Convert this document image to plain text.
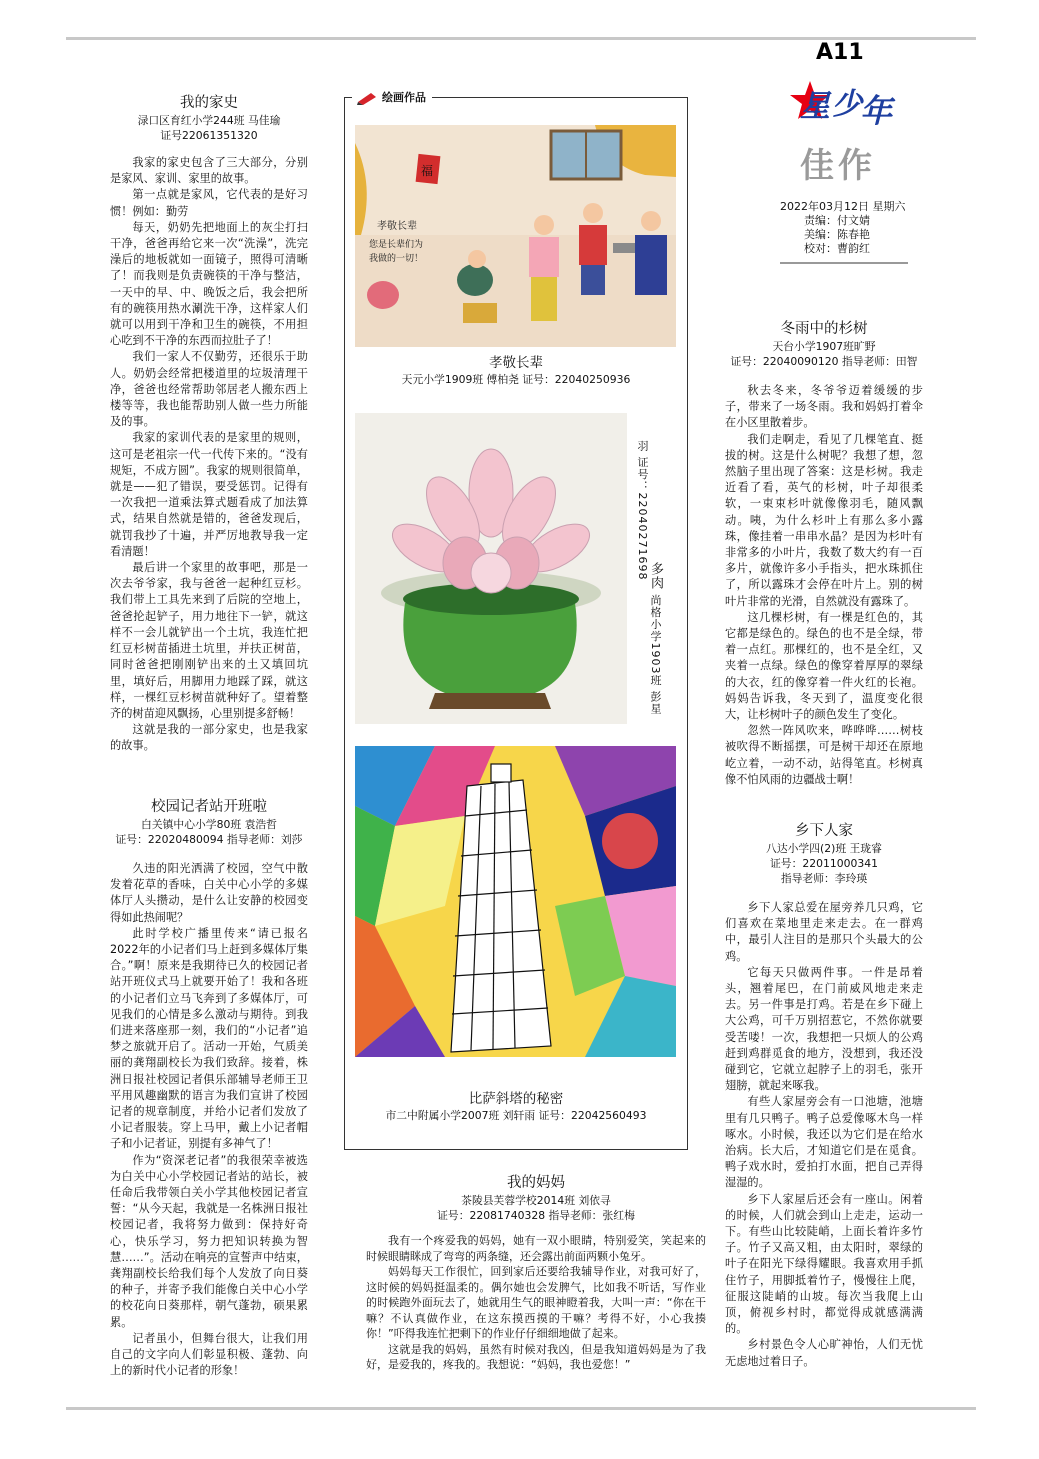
A11
星 少
年
佳作
2022年03月12日 星期六
责编：付文婧
美编：陈春艳
校对：曹韵红
我的家史
渌口区育红小学244班 马佳瑜
证号22061351320

我家的家史包含了三大部分，分别是家风、家训、家里的故事。

第一点就是家风，它代表的是好习惯！例如：勤劳

每天，奶奶先把地面上的灰尘打扫干净，爸爸再给它来一次“洗澡”，洗完澡后的地板就如一面镜子，照得可清晰了！而我则是负责碗筷的干净与整洁，一天中的早、中、晚饭之后，我会把所有的碗筷用热水涮洗干净，这样家人们就可以用到干净和卫生的碗筷，不用担心吃到不干净的东西而拉肚子了！

我们一家人不仅勤劳，还很乐于助人。奶奶会经常把楼道里的垃圾清理干净，爸爸也经常帮助邻居老人搬东西上楼等等，我也能帮助别人做一些力所能及的事。

我家的家训代表的是家里的规则，这可是老祖宗一代一代传下来的。“没有规矩，不成方圆”。我家的规则很简单，就是——犯了错误，要受惩罚。记得有一次我把一道乘法算式题看成了加法算式，结果自然就是错的，爸爸发现后，就罚我抄了十遍，并严厉地教导我一定看清题！

最后讲一个家里的故事吧，那是一次去爷爷家，我与爸爸一起种红豆杉。我们带上工具先来到了后院的空地上，爸爸抡起铲子，用力地往下一铲，就这样不一会儿就铲出一个土坑，我连忙把红豆杉树苗插进土坑里，并扶正树苗，同时爸爸把刚刚铲出来的土又填回坑里，填好后，用脚用力地踩了踩，就这样，一棵红豆杉树苗就种好了。望着整齐的树苗迎风飘扬，心里别提多舒畅！

这就是我的一部分家史，也是我家的故事。

校园记者站开班啦
白关镇中心小学80班 袁浩哲
证号：22020480094 指导老师：刘莎

久违的阳光洒满了校园，空气中散发着花草的香味，白关中心小学的多媒体厅人头攒动，是什么让安静的校园变得如此热闹呢？

此时学校广播里传来“请已报名2022年的小记者们马上赶到多媒体厅集合。”啊！原来是我期待已久的校园记者站开班仪式马上就要开始了！我和各班的小记者们立马飞奔到了多媒体厅，可见我们的心情是多么激动与期待。到我们进来落座那一刻，我们的“小记者”追梦之旅就开启了。活动一开始，气质美丽的龚翔副校长为我们致辞。接着，株洲日报社校园记者俱乐部辅导老师王卫平用风趣幽默的语言为我们宣讲了校园记者的规章制度，并给小记者们发放了小记者服装。穿上马甲，戴上小记者帽子和小记者证，别提有多神气了！

作为“资深老记者”的我很荣幸被选为白关中心小学校园记者站的站长，被任命后我带领白关小学其他校园记者宣誓：“从今天起，我就是一名株洲日报社校园记者，我将努力做到：保持好奇心，快乐学习，努力把知识转换为智慧……”。活动在响亮的宣誓声中结束，龚翔副校长给我们每个人发放了向日葵的种子，并寄予我们能像白关中心小学的校花向日葵那样，朝气蓬勃，硕果累累。

记者虽小，但舞台很大，让我们用自己的文字向人们彰显积极、蓬勃、向上的新时代小记者的形象！

绘画作品
福
孝敬长辈
您是长辈们为
我做的一切！
孝敬长辈
天元小学1909班 傅柏尧 证号：22040250936
多肉 尚格小学1903班 彭星羽 证号：22040271698
比萨斜塔的秘密
市二中附属小学2007班 刘轩雨 证号：22042560493
我的妈妈
茶陵县芙蓉学校2014班 刘依寻
证号：22081740328 指导老师：张红梅

我有一个疼爱我的妈妈，她有一双小眼睛，特别爱笑，笑起来的时候眼睛眯成了弯弯的两条缝，还会露出前面两颗小兔牙。

妈妈每天工作很忙，回到家后还要给我辅导作业，对我可好了，这时候的妈妈挺温柔的。偶尔她也会发脾气，比如我不听话，写作业的时候跑外面玩去了，她就用生气的眼神瞪着我，大叫一声：“你在干嘛？不认真做作业，在这东摸西摸的干嘛？考得不好，小心我揍你！”吓得我连忙把剩下的作业仔仔细细地做了起来。

这就是我的妈妈，虽然有时候对我凶，但是我知道妈妈是为了我好，是爱我的，疼我的。我想说：“妈妈，我也爱您！”

冬雨中的杉树
天台小学1907班旷野
证号：22040090120 指导老师：田智

秋去冬来，冬爷爷迈着缓缓的步子，带来了一场冬雨。我和妈妈打着伞在小区里散着步。

我们走啊走，看见了几棵笔直、挺拔的树。这是什么树呢？我想了想，忽然脑子里出现了答案：这是杉树。我走近看了看，英气的杉树，叶子却很柔软，一束束杉叶就像像羽毛，随风飘动。咦，为什么杉叶上有那么多小露珠，像挂着一串串水晶？是因为杉叶有非常多的小叶片，我数了数大约有一百多片，就像许多小手指头，把水珠抓住了，所以露珠才会停在叶片上。别的树叶片非常的光滑，自然就没有露珠了。

这几棵杉树，有一棵是红色的，其它都是绿色的。绿色的也不是全绿，带着一点红。那棵红的，也不是全红，又夹着一点绿。绿色的像穿着厚厚的翠绿的大衣，红的像穿着一件火红的长袍。妈妈告诉我，冬天到了，温度变化很大，让杉树叶子的颜色发生了变化。

忽然一阵风吹来，哗哗哗……树枝被吹得不断摇摆，可是树干却还在原地屹立着，一动不动，站得笔直。杉树真像不怕风雨的边疆战士啊！

乡下人家
八达小学四(2)班 王珑睿
证号：22011000341
指导老师：李玲瑛

乡下人家总爱在屋旁养几只鸡，它们喜欢在菜地里走来走去。在一群鸡中，最引人注目的是那只个头最大的公鸡。

它每天只做两件事。一件是昂着头，翘着尾巴，在门前威风地走来走去。另一件事是打鸡。若是在乡下碰上大公鸡，可千万别招惹它，不然你就要受苦喽！一次，我想把一只烦人的公鸡赶到鸡群觅食的地方，没想到，我还没碰到它，它就立起脖子上的羽毛，张开翅膀，就起来啄我。

有些人家屋旁会有一口池塘，池塘里有几只鸭子。鸭子总爱像啄木鸟一样啄水。小时候，我还以为它们是在给水治病。长大后，才知道它们是在觅食。鸭子戏水时，爱拍打水面，把自己弄得湿湿的。

乡下人家屋后还会有一座山。闲着的时候，人们就会到山上走走，运动一下。有些山比较陡峭，上面长着许多竹子。竹子又高又粗，由太阳时，翠绿的叶子在阳光下绿得耀眼。我喜欢用手抓住竹子，用脚抵着竹子，慢慢往上爬，征服这陡峭的山坡。每次当我爬上山顶，俯视乡村时，都觉得成就感满满的。

乡村景色令人心旷神怡，人们无忧无虑地过着日子。
